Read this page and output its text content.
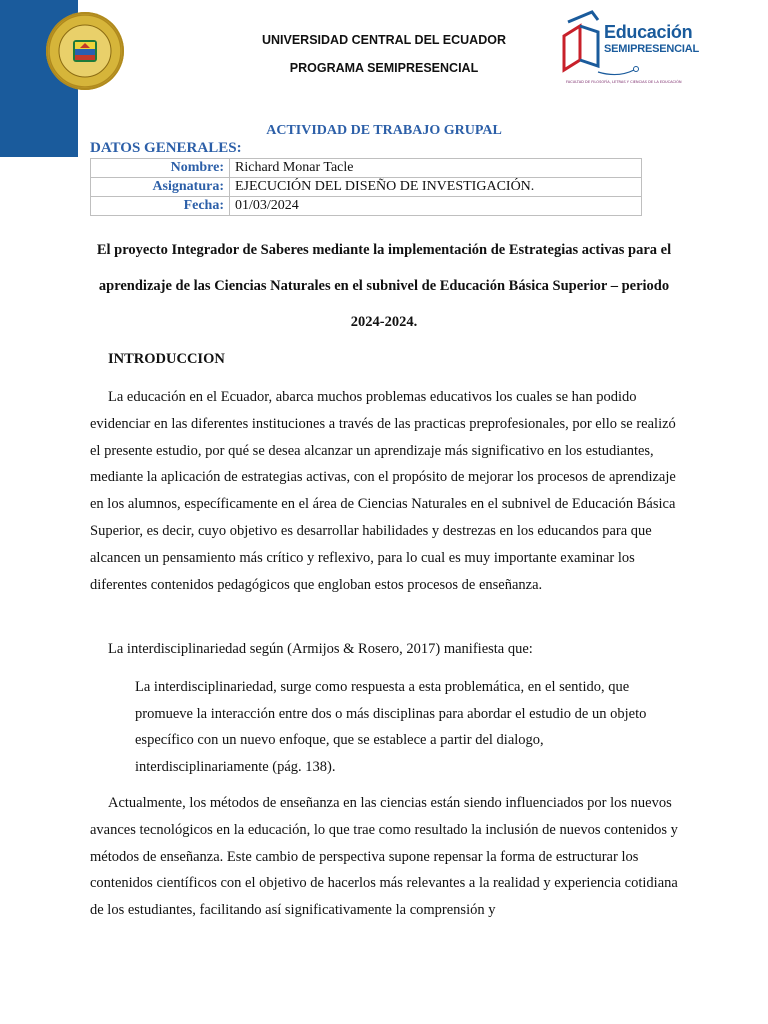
UNIVERSIDAD CENTRAL DEL ECUADOR
PROGRAMA SEMIPRESENCIAL
Educación
SEMIPRESENCIAL
FACULTAD DE FILOSOFÍA, LETRAS Y CIENCIAS DE LA EDUCACIÓN
ACTIVIDAD DE TRABAJO GRUPAL
DATOS GENERALES:
Nombre:	Richard Monar Tacle
Asignatura:	EJECUCIÓN DEL DISEÑO DE INVESTIGACIÓN.
Fecha:	01/03/2024
El proyecto Integrador de Saberes mediante la implementación de Estrategias activas para el aprendizaje de las Ciencias Naturales en el subnivel de Educación Básica Superior – periodo 2024-2024.
INTRODUCCION

La educación en el Ecuador, abarca muchos problemas educativos los cuales se han podido evidenciar en las diferentes instituciones a través de las practicas preprofesionales, por ello se realizó el presente estudio, por qué se desea alcanzar un aprendizaje más significativo en los estudiantes, mediante la aplicación de estrategias activas, con el propósito de mejorar los procesos de aprendizaje en los alumnos, específicamente en el área de Ciencias Naturales en el subnivel de Educación Básica Superior, es decir, cuyo objetivo es desarrollar habilidades y destrezas en los educandos para que alcancen un pensamiento más crítico y reflexivo, para lo cual es muy importante examinar los diferentes contenidos pedagógicos que engloban estos procesos de enseñanza.

La interdisciplinariedad según (Armijos & Rosero, 2017) manifiesta que:

La interdisciplinariedad, surge como respuesta a esta problemática, en el sentido, que promueve la interacción entre dos o más disciplinas para abordar el estudio de un objeto específico con un nuevo enfoque, que se establece a partir del dialogo, interdisciplinariamente (pág. 138).

Actualmente, los métodos de enseñanza en las ciencias están siendo influenciados por los nuevos avances tecnológicos en la educación, lo que trae como resultado la inclusión de nuevos contenidos y métodos de enseñanza. Este cambio de perspectiva supone repensar la forma de estructurar los contenidos científicos con el objetivo de hacerlos más relevantes a la realidad y experiencia cotidiana de los estudiantes, facilitando así significativamente la comprensión y
